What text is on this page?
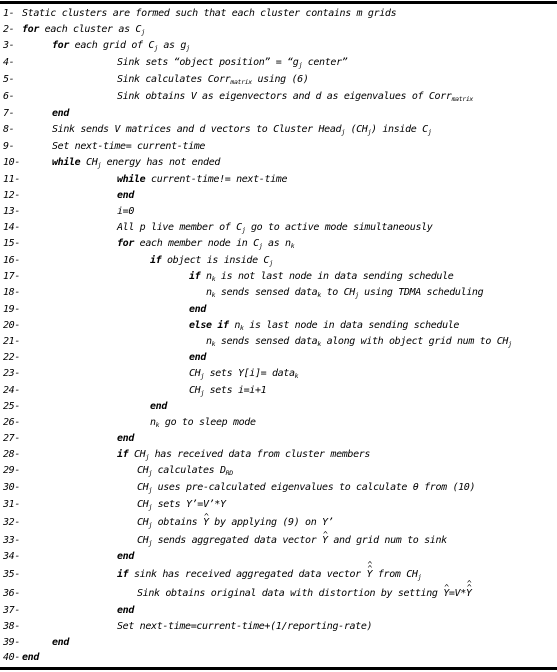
1- Static clusters are formed such that each cluster contains m grids
2- for each cluster as $C_j$
3-	for each grid of $C_j$ as $g_j$
4-	Sink sets “object position” = “$g_j$ center”
5-	Sink calculates Corr$_{matrix}$ using (6)
6-	Sink obtains V as eigenvectors and d as eigenvalues of Corr$_{matrix}$
7-	end
8-	Sink sends V matrices and d vectors to Cluster Head$_j$ $(CH_j)$ inside $C_j$
9-	Set next-time= current-time
10-	while $CH_j$ energy has not ended
11-	while current-time!= next-time
12-	end
13-	i=0
14-	All p live member of $C_j$ go to active mode simultaneously
15-	for each member node in $C_j$ as $n_k$
16-	if object is inside $C_j$
17-	if $n_k$ is not last node in data sending schedule
18-	$n_k$ sends sensed data$_k$ to $CH_j$ using TDMA scheduling
19-	end
20-	else if $n_k$ is last node in data sending schedule
21-	$n_k$ sends sensed data$_k$ along with object grid num to $CH_j$
22-	end
23-	$CH_j$ sets Y[i]= data$_k$
24-	$CH_j$ sets i=i+1
25-	end
26-	$n_k$ go to sleep mode
27-	end
28-	if $CH_j$ has received data from cluster members
29-	$CH_j$ calculates $D_{RD}$
30-	$CH_j$ uses pre-calculated eigenvalues to calculate θ from (10)
31-	$CH_j$ sets Y’=V’*Y
32-	$CH_j$ obtains ^ Y by applying (9) on Y’
33-	$CH_j$ sends aggregated data vector ^ Y and grid num to sink
34-	end
35-	if sink has received aggregated data vector ^ Y ^ from $CH_j$
36-	Sink obtains original data with distortion by setting ^ Y=V*^ Y ^
37-	end
38-	Set next-time=current-time+(1/reporting-rate)
39-	end
40- end
